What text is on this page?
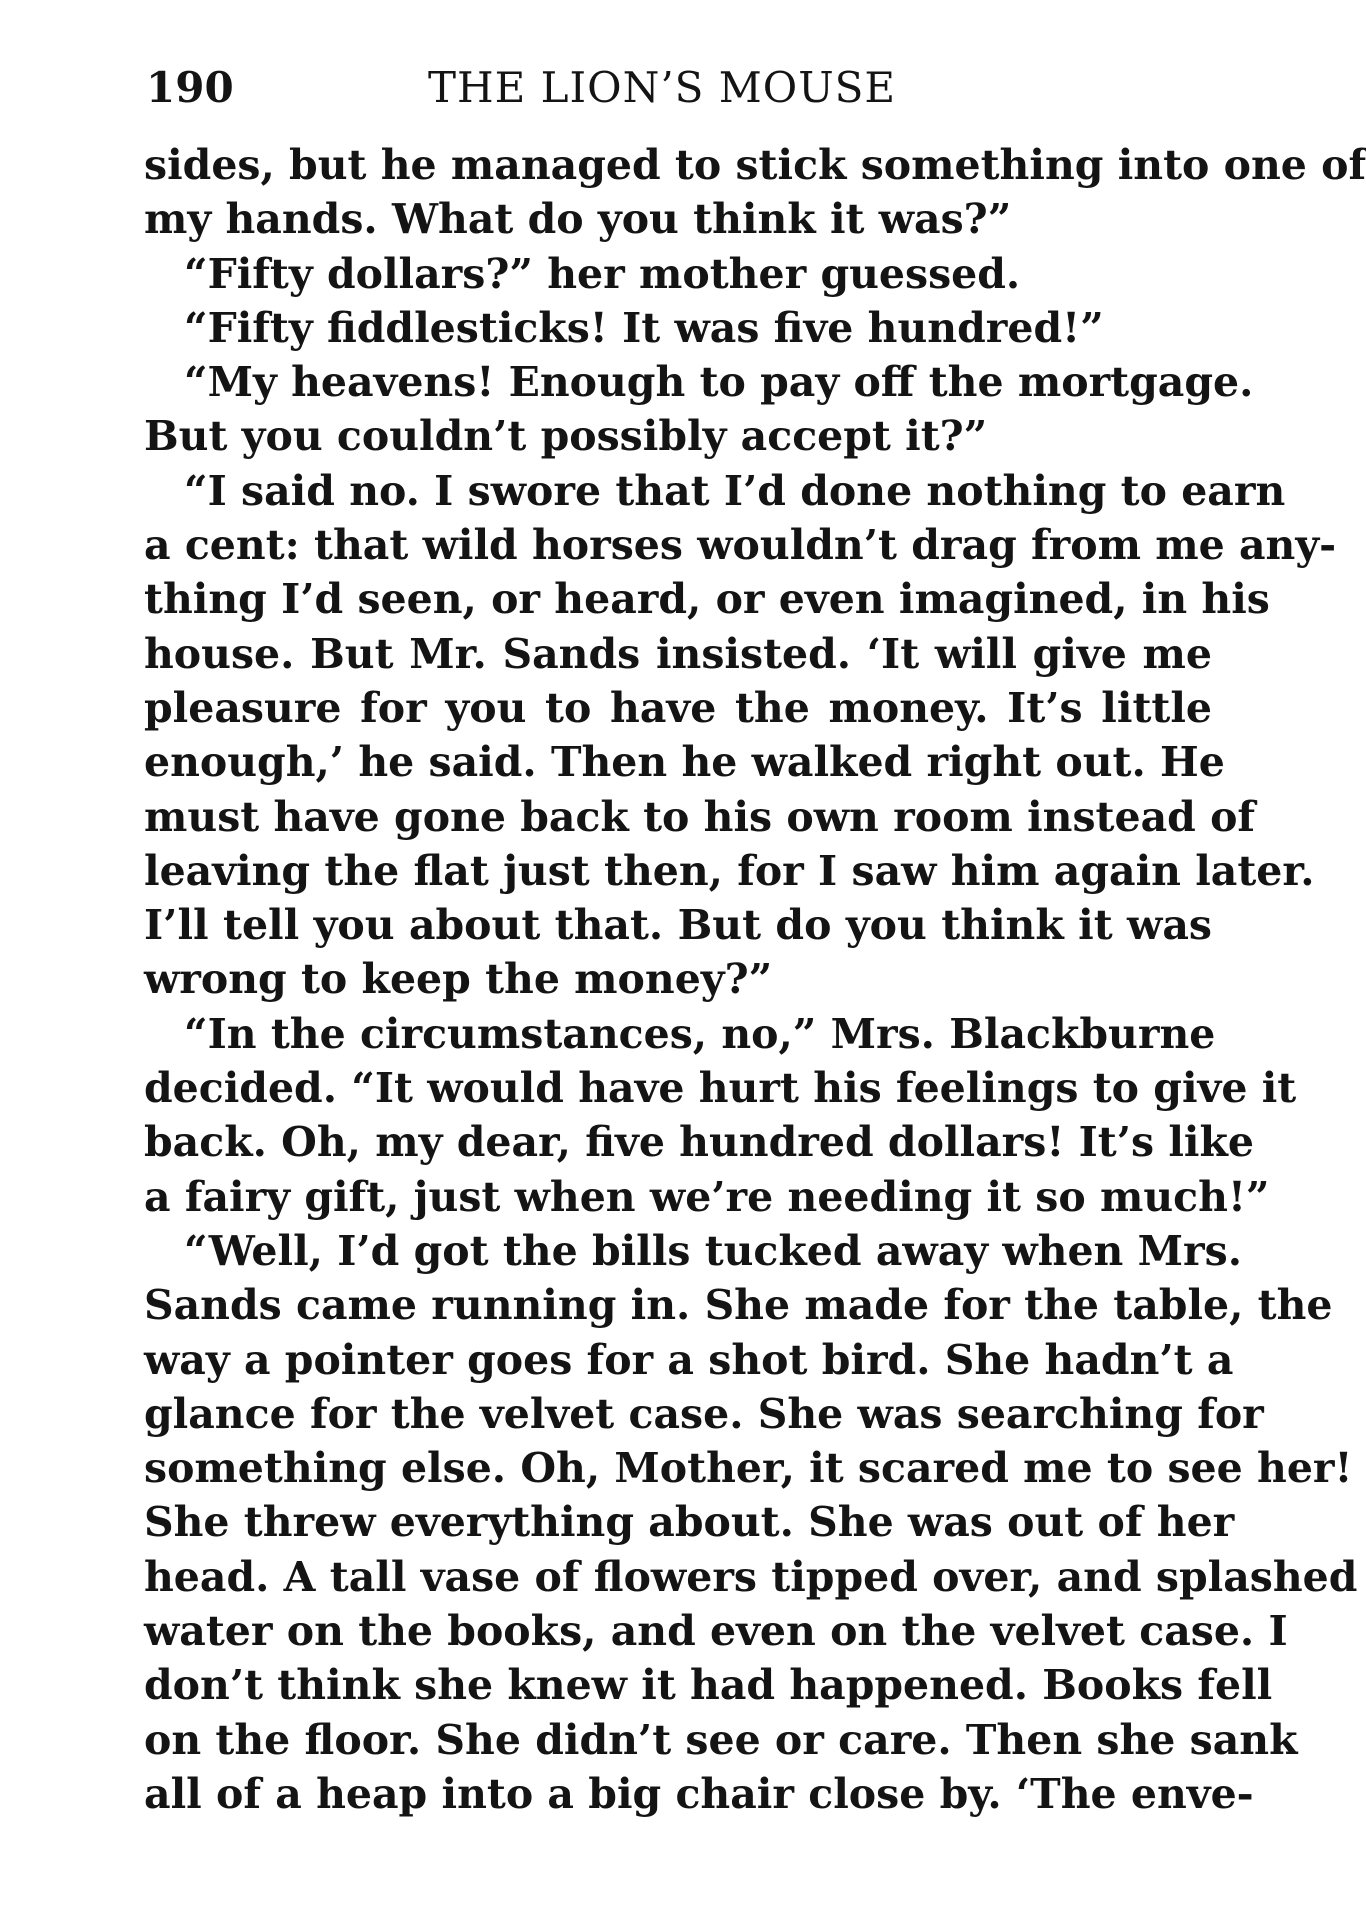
190	THE LION’S MOUSE
sides, but he managed to stick something into one of
my hands. What do you think it was?”
“Fifty dollars?” her mother guessed.
“Fifty fiddlesticks! It was five hundred!”
“My heavens! Enough to pay off the mortgage.
But you couldn’t possibly accept it?”
“I said no. I swore that I’d done nothing to earn
a cent: that wild horses wouldn’t drag from me any-
thing I’d seen, or heard, or even imagined, in his
house. But Mr. Sands insisted. ‘It will give me
pleasure for you to have the money. It’s little
enough,’ he said. Then he walked right out. He
must have gone back to his own room instead of
leaving the flat just then, for I saw him again later.
I’ll tell you about that. But do you think it was
wrong to keep the money?”
“In the circumstances, no,” Mrs. Blackburne
decided. “It would have hurt his feelings to give it
back. Oh, my dear, five hundred dollars! It’s like
a fairy gift, just when we’re needing it so much!”
“Well, I’d got the bills tucked away when Mrs.
Sands came running in. She made for the table, the
way a pointer goes for a shot bird. She hadn’t a
glance for the velvet case. She was searching for
something else. Oh, Mother, it scared me to see her!
She threw everything about. She was out of her
head. A tall vase of flowers tipped over, and splashed
water on the books, and even on the velvet case. I
don’t think she knew it had happened. Books fell
on the floor. She didn’t see or care. Then she sank
all of a heap into a big chair close by. ‘The enve-
